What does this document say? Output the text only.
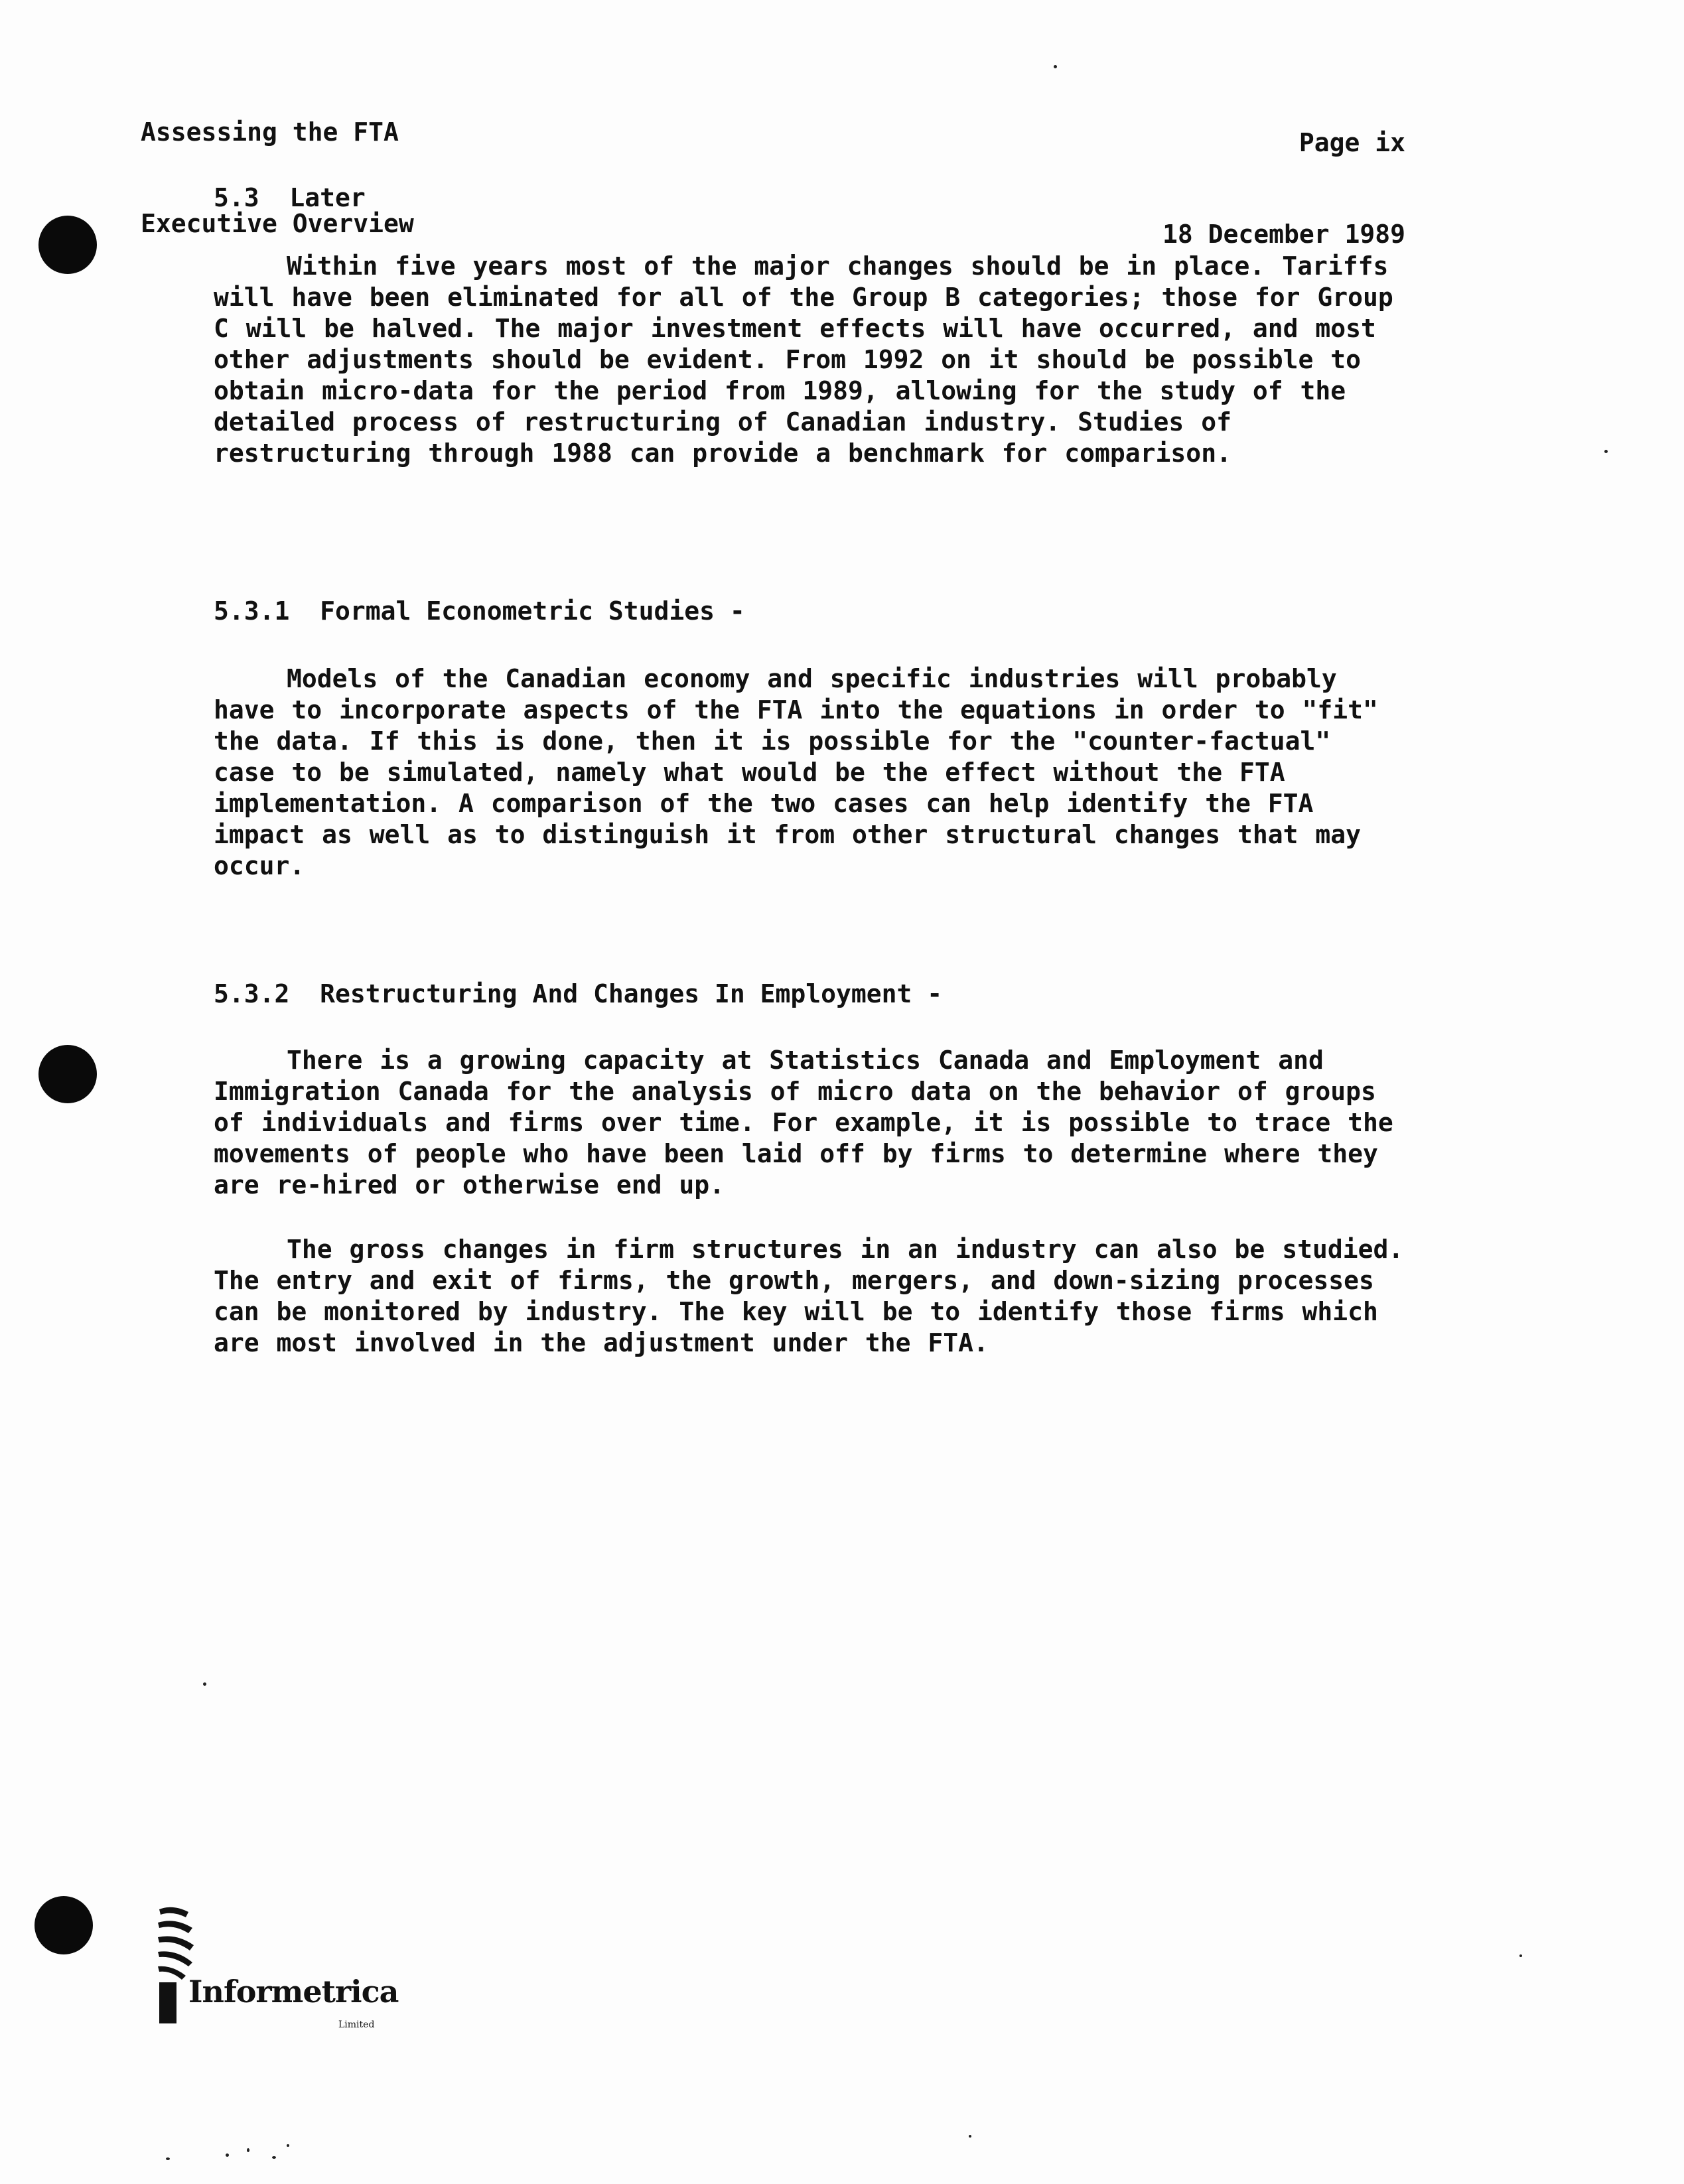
Assessing the FTA

Executive Overview

Page ix

18 December 1989

5.3  Later
Within five years most of the major changes should be in place. Tariffs will have been eliminated for all of the Group B categories; those for Group C will be halved. The major investment effects will have occurred, and most other adjustments should be evident. From 1992 on it should be possible to obtain micro-data for the period from 1989, allowing for the study of the detailed process of restructuring of Canadian industry. Studies of restructuring through 1988 can provide a benchmark for comparison.
5.3.1  Formal Econometric Studies -
Models of the Canadian economy and specific industries will probably have to incorporate aspects of the FTA into the equations in order to "fit" the data. If this is done, then it is possible for the "counter-factual" case to be simulated, namely what would be the effect without the FTA implementation. A comparison of the two cases can help identify the FTA impact as well as to distinguish it from other structural changes that may occur.
5.3.2  Restructuring And Changes In Employment -
There is a growing capacity at Statistics Canada and Employment and Immigration Canada for the analysis of micro data on the behavior of groups of individuals and firms over time. For example, it is possible to trace the movements of people who have been laid off by firms to determine where they are re-hired or otherwise end up.
The gross changes in firm structures in an industry can also be studied. The entry and exit of firms, the growth, mergers, and down-sizing processes can be monitored by industry. The key will be to identify those firms which are most involved in the adjustment under the FTA.
Informetrica
Limited
